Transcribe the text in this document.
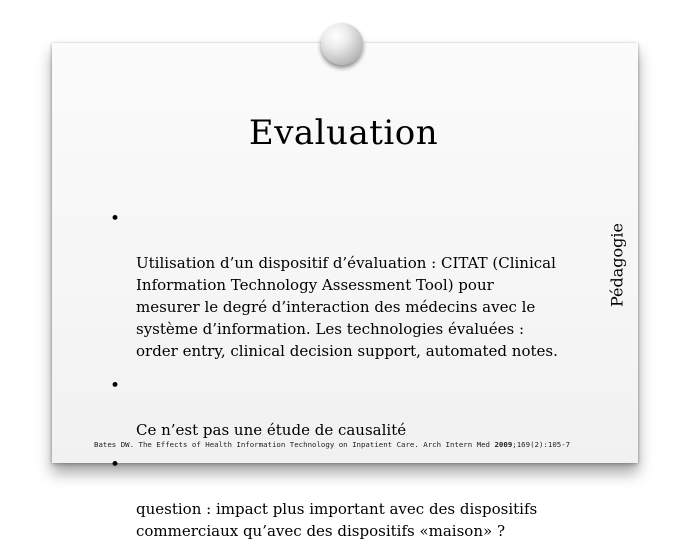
Evaluation

•

Utilisation d’un dispositif d’évaluation : CITAT (Clinical
Information Technology Assessment Tool) pour
mesurer le degré d’interaction des médecins avec le
système d’information. Les technologies évaluées :
order entry, clinical decision support, automated notes.

•

Ce n’est pas une étude de causalité

•

question : impact plus important avec des dispositifs
commerciaux qu’avec des dispositifs «maison» ?

Pédagogie
Bates DW. The Effects of Health Information Technology on Inpatient Care. Arch Intern Med 2009;169(2):105-7
